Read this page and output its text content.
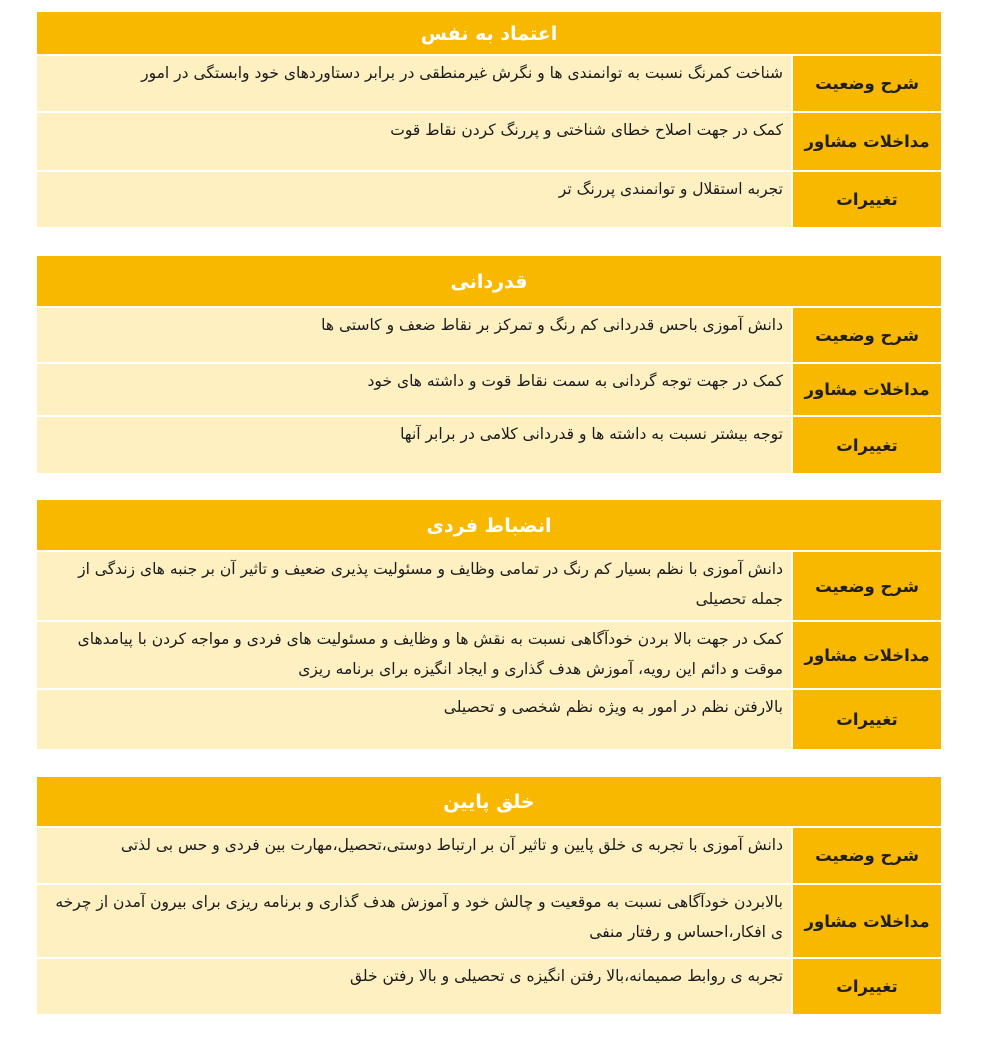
اعتماد به نفس
شرح وضعیت
شناخت کمرنگ نسبت به توانمندی ها و نگرش غیرمنطقی در برابر دستاوردهای خود وابستگی در امور
مداخلات مشاور
کمک در جهت اصلاح خطای شناختی و پررنگ کردن نقاط قوت
تغییرات
تجربه استقلال و توانمندی پررنگ تر
قدردانی
شرح وضعیت
دانش آموزی باحس قدردانی کم رنگ و تمرکز بر نقاط ضعف و کاستی ها
مداخلات مشاور
کمک در جهت توجه گردانی به سمت نقاط قوت و داشته های خود
تغییرات
توجه بیشتر نسبت به داشته ها و قدردانی کلامی در برابر آنها
انضباط فردی
شرح وضعیت
دانش آموزی با نظم بسیار کم رنگ در تمامی وظایف و مسئولیت پذیری ضعیف و تاثیر آن بر جنبه های زندگی از جمله تحصیلی
مداخلات مشاور
کمک در جهت بالا بردن خودآگاهی نسبت به نقش ها و وظایف و مسئولیت های فردی و مواجه کردن با پیامدهای موقت و دائم این رویه، آموزش هدف گذاری و ایجاد انگیزه برای برنامه ریزی
تغییرات
بالارفتن نظم در امور به ویژه نظم شخصی و تحصیلی
خلق پایین
شرح وضعیت
دانش آموزی با تجربه ی خلق پایین و تاثیر آن بر ارتباط دوستی،تحصیل،مهارت بین فردی و حس بی لذتی
مداخلات مشاور
بالابردن خودآگاهی نسبت به موقعیت و چالش خود و آموزش هدف گذاری و برنامه ریزی برای بیرون آمدن از چرخه ی افکار،احساس و رفتار منفی
تغییرات
تجربه ی روابط صمیمانه،بالا رفتن انگیزه ی تحصیلی و بالا رفتن خلق
